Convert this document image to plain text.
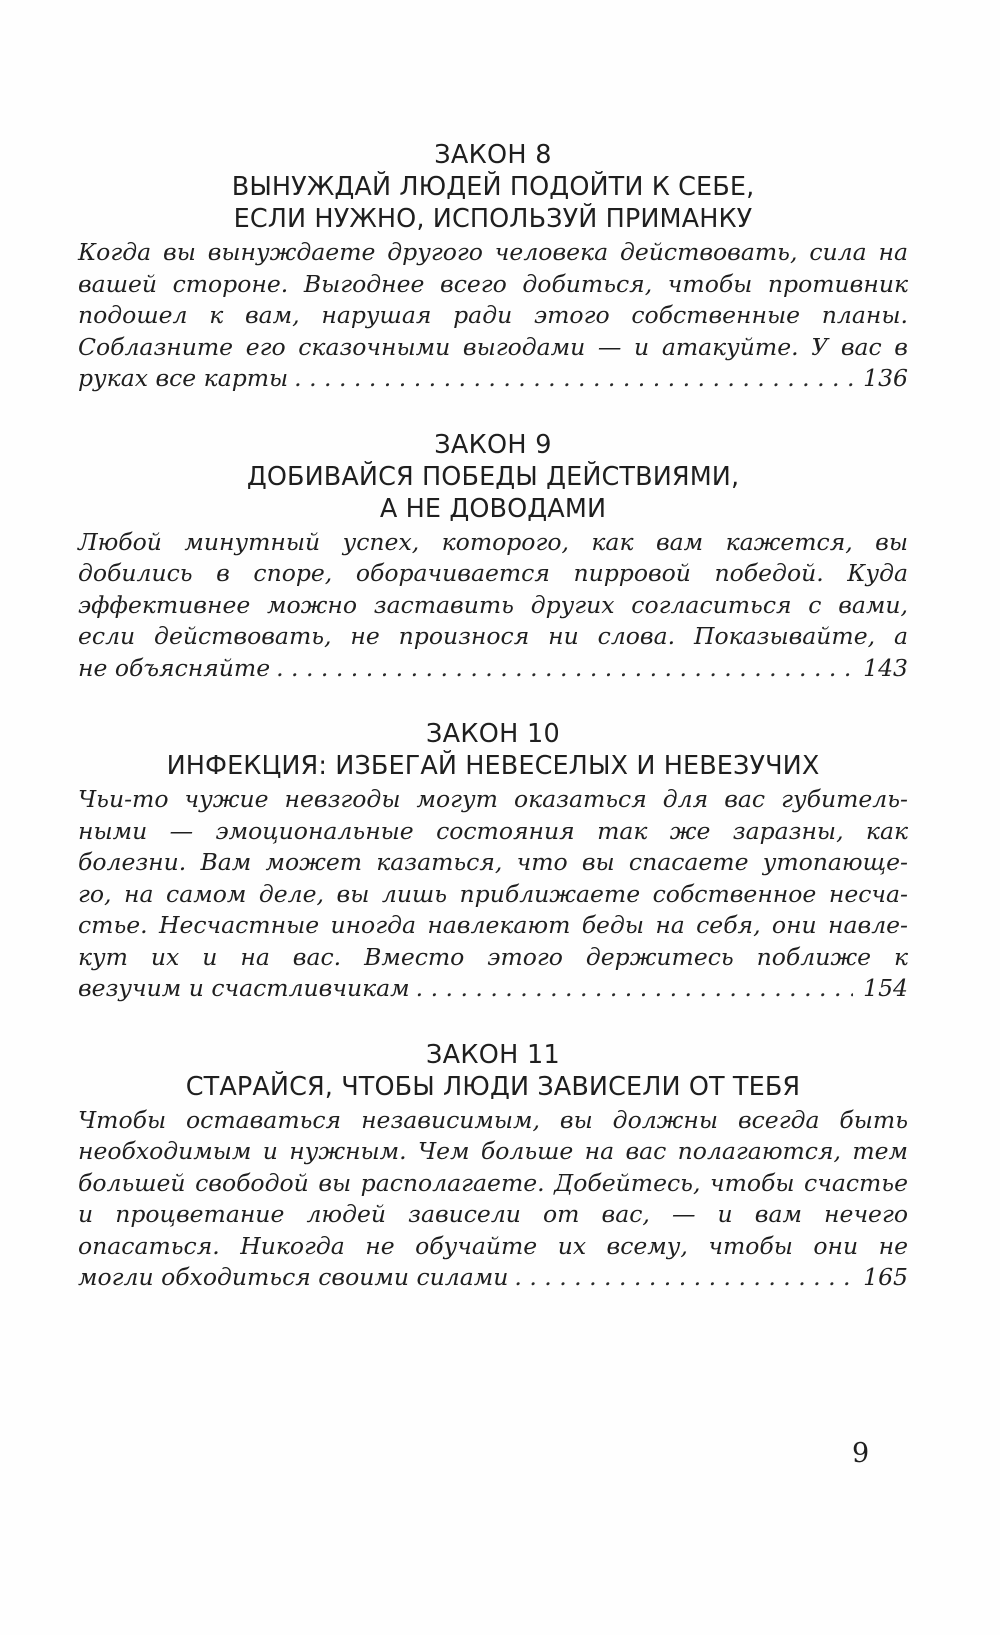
ЗАКОН 8
ВЫНУЖДАЙ ЛЮДЕЙ ПОДОЙТИ К СЕБЕ,
ЕСЛИ НУЖНО, ИСПОЛЬЗУЙ ПРИМАНКУ
Когда вы вынуждаете другого человека действовать, сила на
вашей стороне. Выгоднее всего добиться, чтобы противник
подошел к вам, нарушая ради этого собственные планы.
Соблазните его сказочными выгодами — и атакуйте. У вас в
руках все карты . . .	136
ЗАКОН 9
ДОБИВАЙСЯ ПОБЕДЫ ДЕЙСТВИЯМИ,
А НЕ ДОВОДАМИ
Любой минутный успех, которого, как вам кажется, вы
добились в споре, оборачивается пирровой победой. Куда
эффективнее можно заставить других согласиться с вами,
если действовать, не произнося ни слова. Показывайте, а
не объясняйте . . .	143
ЗАКОН 10
ИНФЕКЦИЯ: ИЗБЕГАЙ НЕВЕСЕЛЫХ И НЕВЕЗУЧИХ
Чьи-то чужие невзгоды могут оказаться для вас губитель-
ными — эмоциональные состояния так же заразны, как
болезни. Вам может казаться, что вы спасаете утопающе-
го, на самом деле, вы лишь приближаете собственное несча-
стье. Несчастные иногда навлекают беды на себя, они навле-
кут их и на вас. Вместо этого держитесь поближе к
везучим и счастливчикам . . .	154
ЗАКОН 11
СТАРАЙСЯ, ЧТОБЫ ЛЮДИ ЗАВИСЕЛИ ОТ ТЕБЯ
Чтобы оставаться независимым, вы должны всегда быть
необходимым и нужным. Чем больше на вас полагаются, тем
большей свободой вы располагаете. Добейтесь, чтобы счастье
и процветание людей зависели от вас, — и вам нечего
опасаться. Никогда не обучайте их всему, чтобы они не
могли обходиться своими силами . . .	165
9
